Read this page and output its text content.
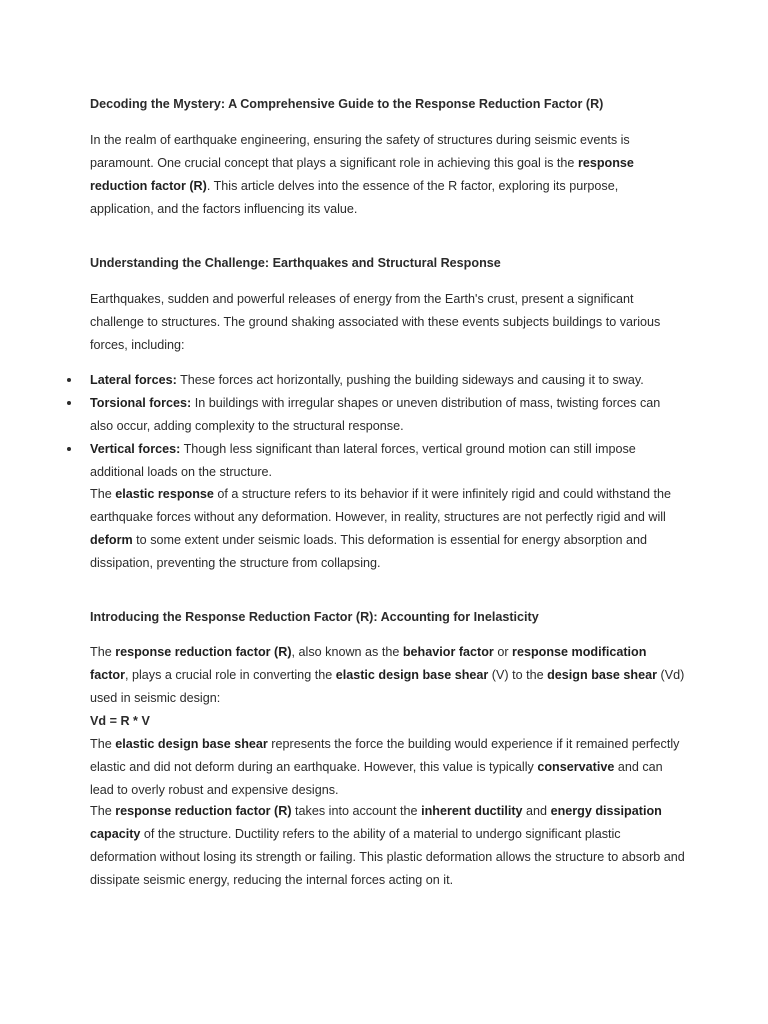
Decoding the Mystery: A Comprehensive Guide to the Response Reduction Factor (R)

In the realm of earthquake engineering, ensuring the safety of structures during seismic events is paramount. One crucial concept that plays a significant role in achieving this goal is the response reduction factor (R). This article delves into the essence of the R factor, exploring its purpose, application, and the factors influencing its value.

Understanding the Challenge: Earthquakes and Structural Response

Earthquakes, sudden and powerful releases of energy from the Earth's crust, present a significant challenge to structures. The ground shaking associated with these events subjects buildings to various forces, including:

Lateral forces: These forces act horizontally, pushing the building sideways and causing it to sway.
Torsional forces: In buildings with irregular shapes or uneven distribution of mass, twisting forces can also occur, adding complexity to the structural response.
Vertical forces: Though less significant than lateral forces, vertical ground motion can still impose additional loads on the structure.

The elastic response of a structure refers to its behavior if it were infinitely rigid and could withstand the earthquake forces without any deformation. However, in reality, structures are not perfectly rigid and will deform to some extent under seismic loads. This deformation is essential for energy absorption and dissipation, preventing the structure from collapsing.

Introducing the Response Reduction Factor (R): Accounting for Inelasticity

The response reduction factor (R), also known as the behavior factor or response modification factor, plays a crucial role in converting the elastic design base shear (V) to the design base shear (Vd) used in seismic design:

Vd = R * V

The elastic design base shear represents the force the building would experience if it remained perfectly elastic and did not deform during an earthquake. However, this value is typically conservative and can lead to overly robust and expensive designs.

The response reduction factor (R) takes into account the inherent ductility and energy dissipation capacity of the structure. Ductility refers to the ability of a material to undergo significant plastic deformation without losing its strength or failing. This plastic deformation allows the structure to absorb and dissipate seismic energy, reducing the internal forces acting on it.
